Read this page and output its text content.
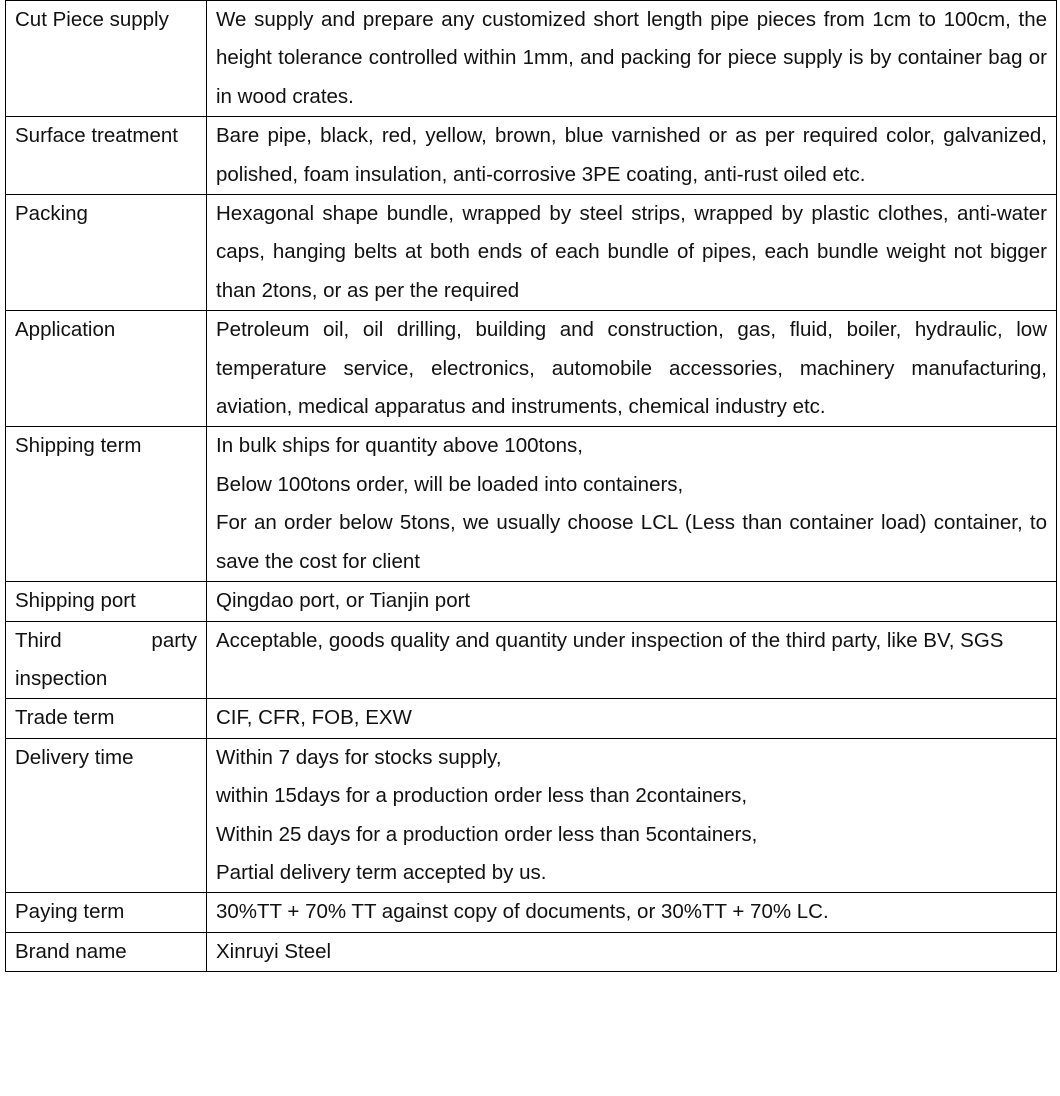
Cut Piece supply	We supply and prepare any customized short length pipe pieces from 1cm to 100cm, the height tolerance controlled within 1mm, and packing for piece supply is by container bag or in wood crates.
Surface treatment	Bare pipe, black, red, yellow, brown, blue varnished or as per required color, galvanized, polished, foam insulation, anti-corrosive 3PE coating, anti-rust oiled etc.
Packing	Hexagonal shape bundle, wrapped by steel strips, wrapped by plastic clothes, anti-water caps, hanging belts at both ends of each bundle of pipes, each bundle weight not bigger than 2tons, or as per the required
Application	Petroleum oil, oil drilling, building and construction, gas, fluid, boiler, hydraulic, low temperature service, electronics, automobile accessories, machinery manufacturing, aviation, medical apparatus and instruments, chemical industry etc.
Shipping term	In bulk ships for quantity above 100tons,
Below 100tons order, will be loaded into containers,
For an order below 5tons, we usually choose LCL (Less than container load) container, to save the cost for client

Shipping port	Qingdao port, or Tianjin port

Third party
inspection	Acceptable, goods quality and quantity under inspection of the third party, like BV, SGS
Trade term	CIF, CFR, FOB, EXW
Delivery time	Within 7 days for stocks supply,
within 15days for a production order less than 2containers,
Within 25 days for a production order less than 5containers,
Partial delivery term accepted by us.

Paying term	30%TT + 70% TT against copy of documents, or 30%TT + 70% LC.
Brand name	Xinruyi Steel
